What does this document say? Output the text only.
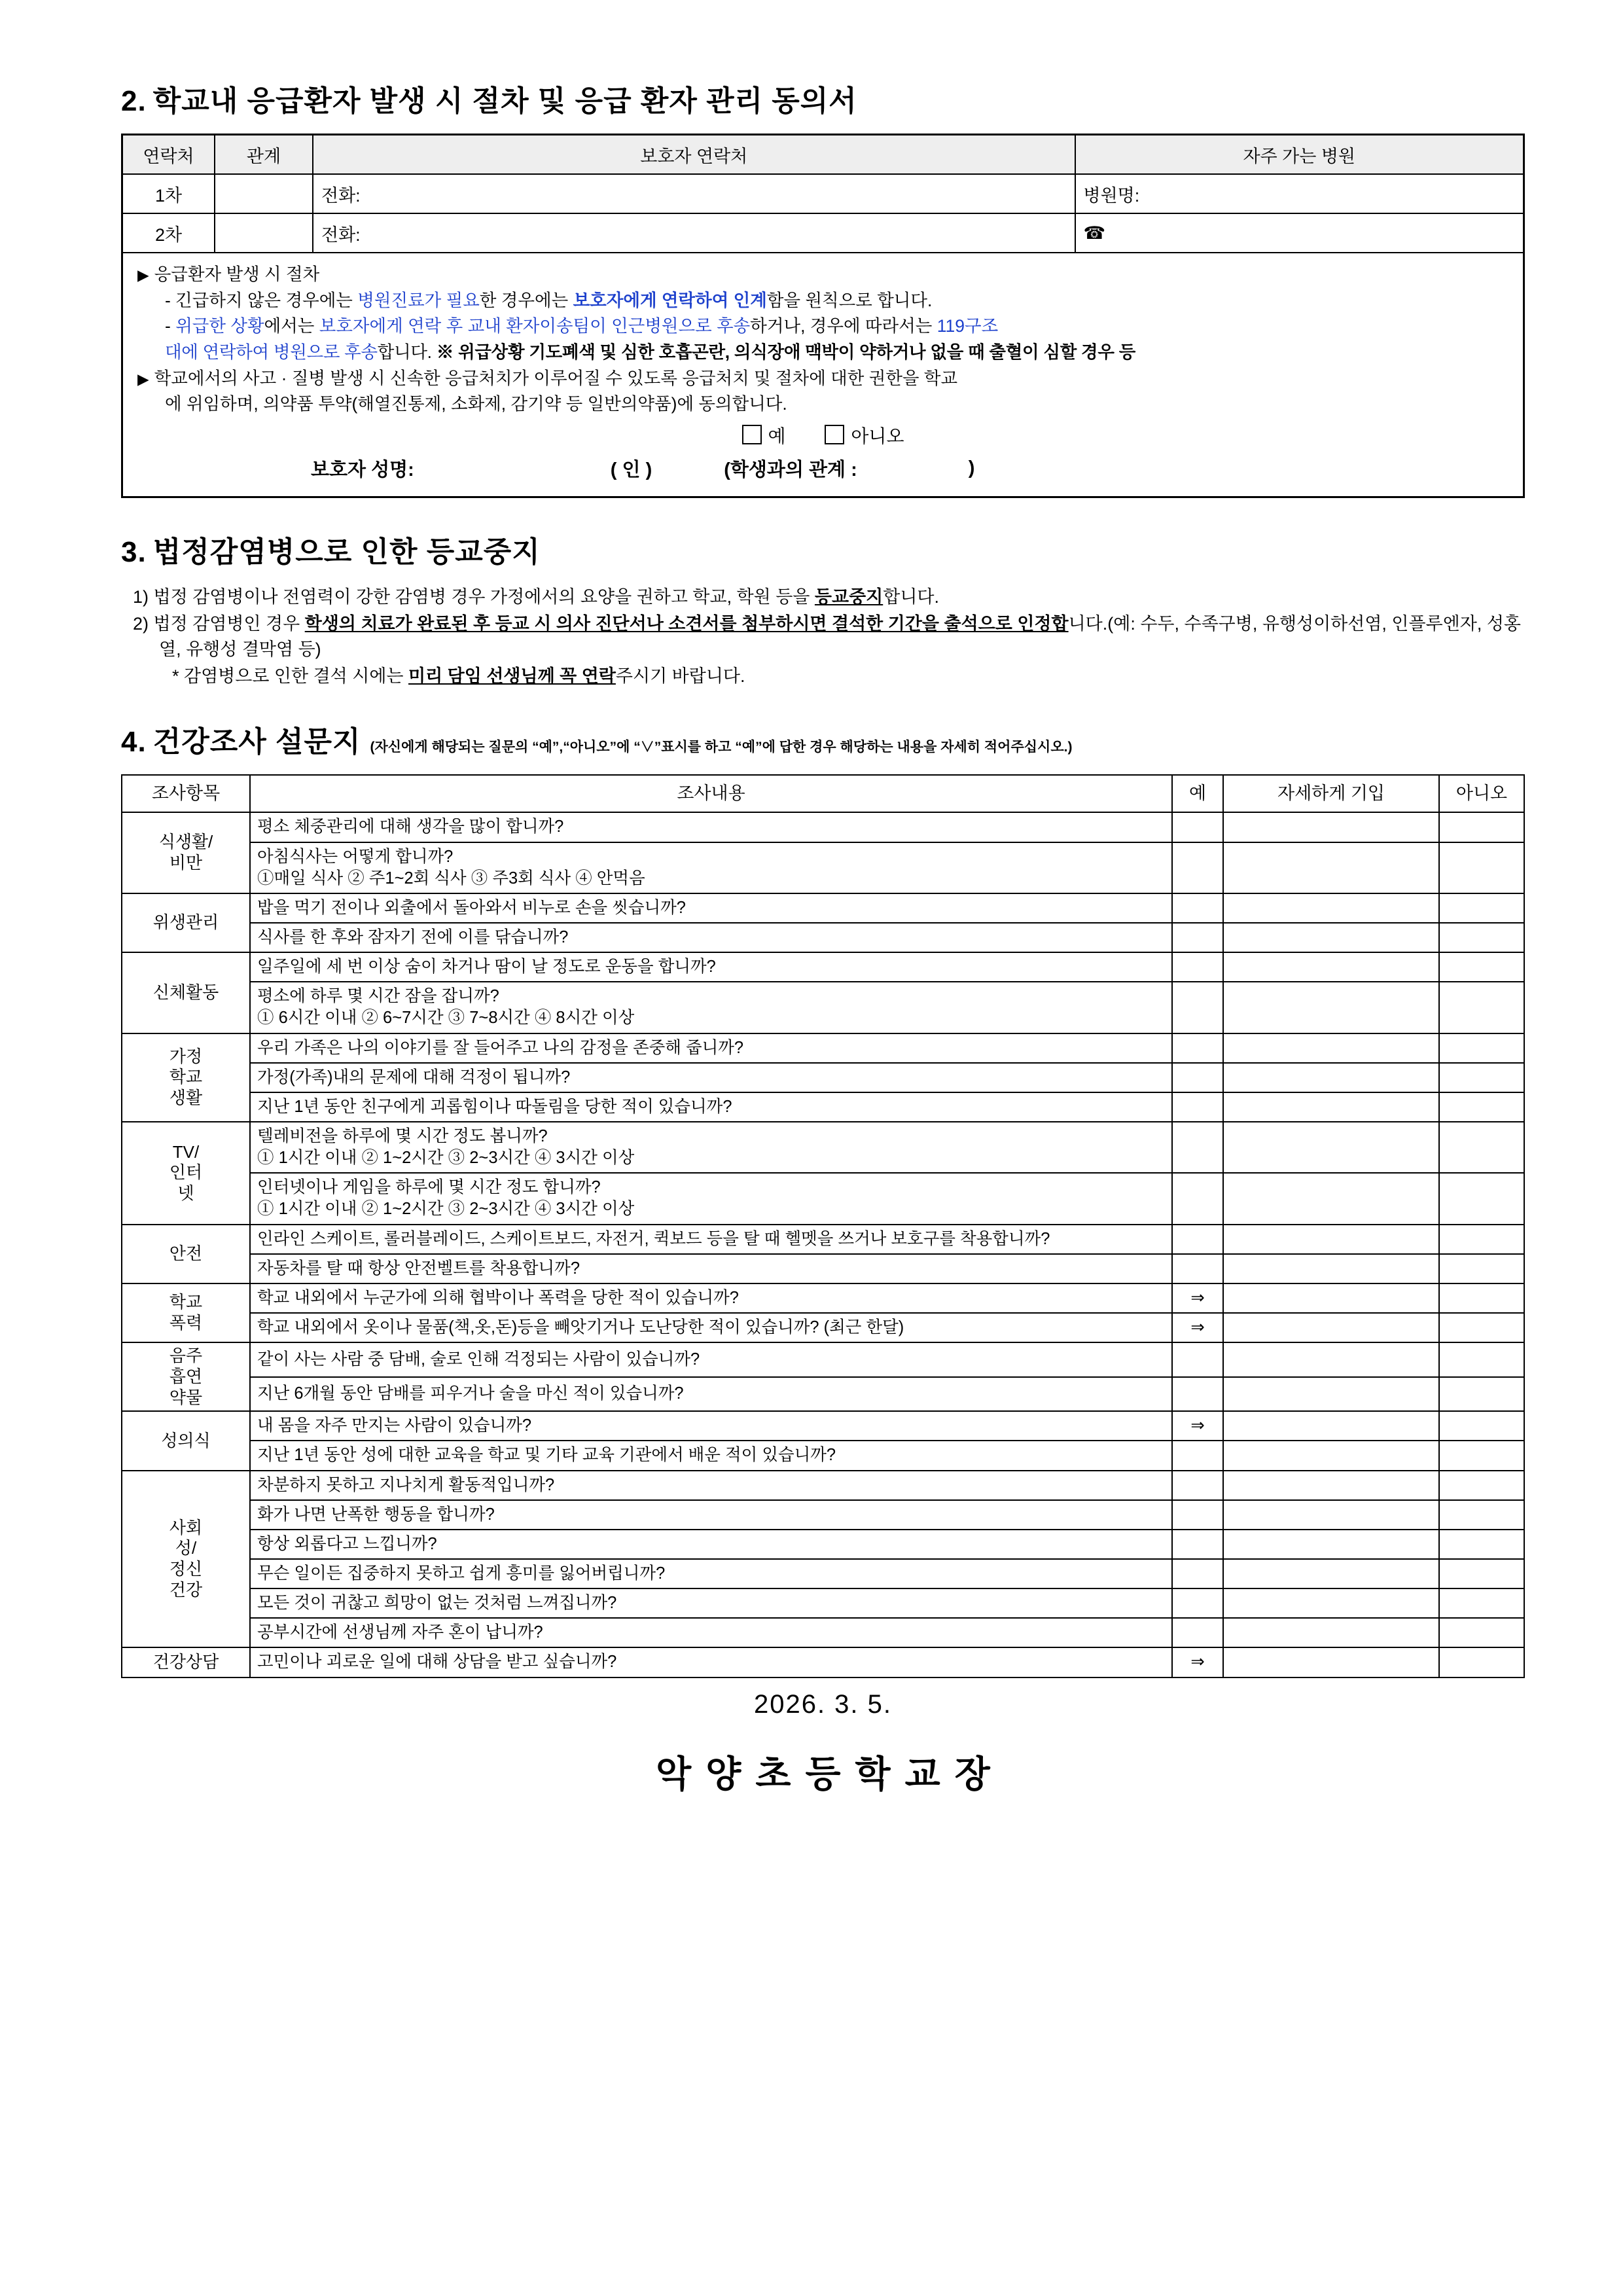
2. 학교내 응급환자 발생 시 절차 및 응급 환자 관리 동의서
연락처	관계	보호자 연락처	자주 가는 병원
1차		전화:	병원명:
2차		전화:	☎
▶ 응급환자 발생 시 절차
- 긴급하지 않은 경우에는 병원진료가 필요한 경우에는 보호자에게 연락하여 인계함을 원칙으로 합니다.
- 위급한 상황에서는 보호자에게 연락 후 교내 환자이송팀이 인근병원으로 후송하거나, 경우에 따라서는 119구조
대에 연락하여 병원으로 후송합니다. ※ 위급상황 기도폐색 및 심한 호흡곤란, 의식장애 맥박이 약하거나 없을 때 출혈이 심할 경우 등
▶ 학교에서의 사고 · 질병 발생 시 신속한 응급처치가 이루어질 수 있도록 응급처치 및 절차에 대한 권한을 학교
에 위임하며, 의약품 투약(해열진통제, 소화제, 감기약 등 일반의약품)에 동의합니다.
예	아니오
보호자 성명:	( 인 )	(학생과의 관계 :	)
3. 법정감염병으로 인한 등교중지
1) 법정 감염병이나 전염력이 강한 감염병 경우 가정에서의 요양을 권하고 학교, 학원 등을 등교중지합니다.
2) 법정 감염병인 경우 학생의 치료가 완료된 후 등교 시 의사 진단서나 소견서를 첨부하시면 결석한 기간을 출석으로 인정합니다.(예: 수두, 수족구병, 유행성이하선염, 인플루엔자, 성홍열, 유행성 결막염 등)
* 감염병으로 인한 결석 시에는 미리 담임 선생님께 꼭 연락주시기 바랍니다.
4. 건강조사 설문지 (자신에게 해당되는 질문의 “예”,“아니오”에 “∨”표시를 하고 “예”에 답한 경우 해당하는 내용을 자세히 적어주십시오.)
조사항목	조사내용	예	자세하게 기입	아니오
식생활/
비만	평소 체중관리에 대해 생각을 많이 합니까?			
	아침식사는 어떻게 합니까?
①매일 식사 ② 주1~2회 식사 ③ 주3회 식사 ④ 안먹음			
위생관리	밥을 먹기 전이나 외출에서 돌아와서 비누로 손을 씻습니까?			
	식사를 한 후와 잠자기 전에 이를 닦습니까?			
신체활동	일주일에 세 번 이상 숨이 차거나 땀이 날 정도로 운동을 합니까?			
	평소에 하루 몇 시간 잠을 잡니까?
① 6시간 이내 ② 6~7시간 ③ 7~8시간 ④ 8시간 이상			
가정
학교
생활	우리 가족은 나의 이야기를 잘 들어주고 나의 감정을 존중해 줍니까?			
	가정(가족)내의 문제에 대해 걱정이 됩니까?			
	지난 1년 동안 친구에게 괴롭힘이나 따돌림을 당한 적이 있습니까?			
TV/
인터
넷	텔레비전을 하루에 몇 시간 정도 봅니까?
① 1시간 이내 ② 1~2시간 ③ 2~3시간 ④ 3시간 이상			
	인터넷이나 게임을 하루에 몇 시간 정도 합니까?
① 1시간 이내 ② 1~2시간 ③ 2~3시간 ④ 3시간 이상			
안전	인라인 스케이트, 롤러블레이드, 스케이트보드, 자전거, 퀵보드 등을 탈 때 헬멧을 쓰거나 보호구를 착용합니까?			
	자동차를 탈 때 항상 안전벨트를 착용합니까?			
학교
폭력	학교 내외에서 누군가에 의해 협박이나 폭력을 당한 적이 있습니까?	⇒		
	학교 내외에서 옷이나 물품(책,옷,돈)등을 빼앗기거나 도난당한 적이 있습니까? (최근 한달)	⇒		
음주
흡연
약물	같이 사는 사람 중 담배, 술로 인해 걱정되는 사람이 있습니까?			
	지난 6개월 동안 담배를 피우거나 술을 마신 적이 있습니까?			
성의식	내 몸을 자주 만지는 사람이 있습니까?	⇒		
	지난 1년 동안 성에 대한 교육을 학교 및 기타 교육 기관에서 배운 적이 있습니까?			
사회
성/
정신
건강	차분하지 못하고 지나치게 활동적입니까?			
	화가 나면 난폭한 행동을 합니까?			
	항상 외롭다고 느낍니까?			
	무슨 일이든 집중하지 못하고 쉽게 흥미를 잃어버립니까?			
	모든 것이 귀찮고 희망이 없는 것처럼 느껴집니까?			
	공부시간에 선생님께 자주 혼이 납니까?			
건강상담	고민이나 괴로운 일에 대해 상담을 받고 싶습니까?	⇒		
2026. 3. 5.
악양초등학교장
